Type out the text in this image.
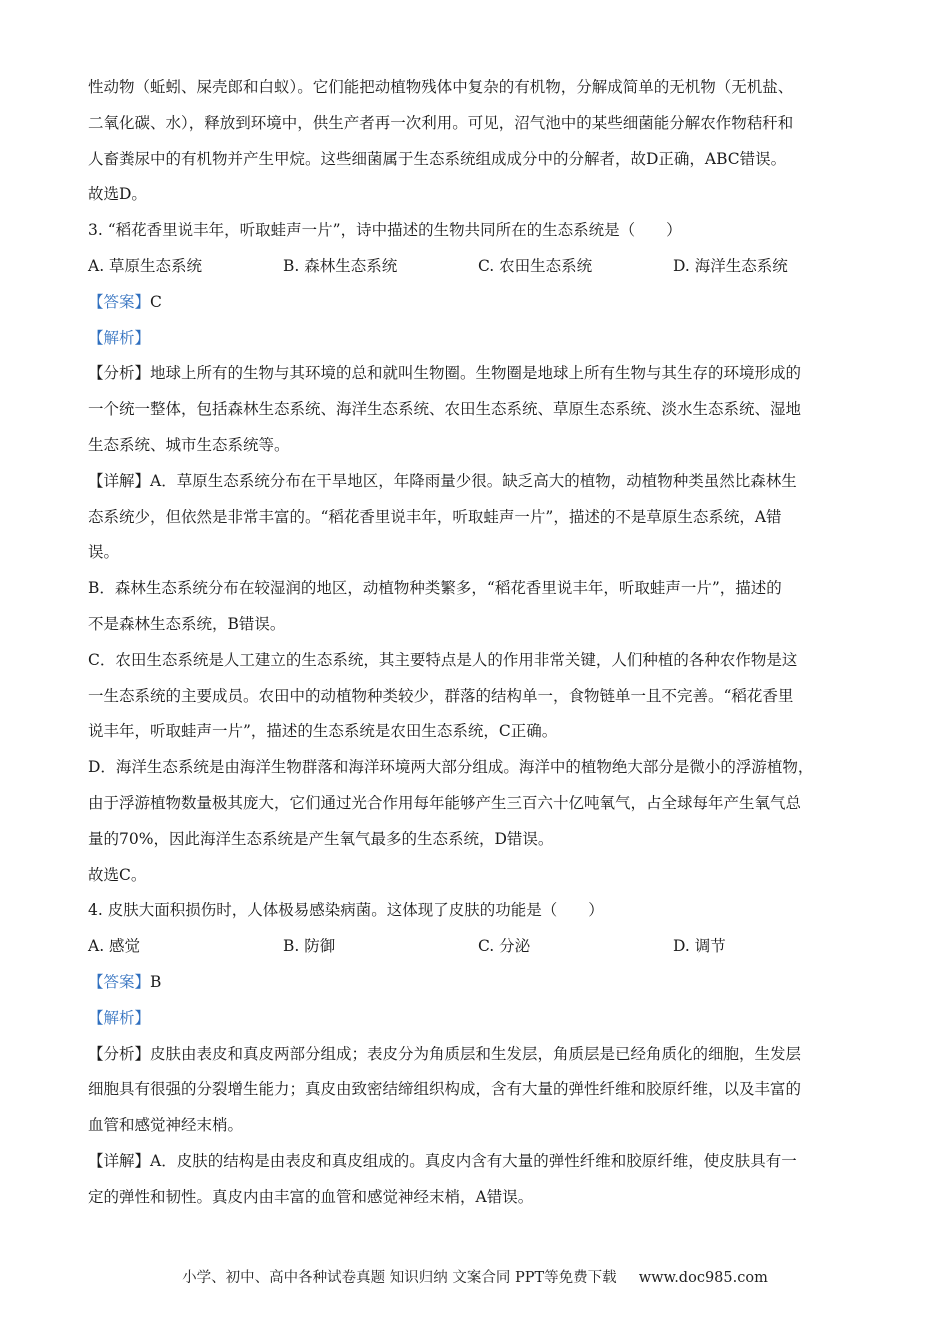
性动物（蚯蚓、屎壳郎和白蚁）。它们能把动植物残体中复杂的有机物，分解成简单的无机物（无机盐、
二氧化碳、水），释放到环境中，供生产者再一次利用。可见，沼气池中的某些细菌能分解农作物秸秆和
人畜粪尿中的有机物并产生甲烷。这些细菌属于生态系统组成成分中的分解者，故D正确，ABC错误。
故选D。
3. “稻花香里说丰年，听取蛙声一片”，诗中描述的生物共同所在的生态系统是（　　）
A. 草原生态系统	B. 森林生态系统	C. 农田生态系统	D. 海洋生态系统
【答案】C
【解析】
【分析】地球上所有的生物与其环境的总和就叫生物圈。生物圈是地球上所有生物与其生存的环境形成的
一个统一整体，包括森林生态系统、海洋生态系统、农田生态系统、草原生态系统、淡水生态系统、湿地
生态系统、城市生态系统等。
【详解】A．草原生态系统分布在干旱地区，年降雨量少很。缺乏高大的植物，动植物种类虽然比森林生
态系统少，但依然是非常丰富的。“稻花香里说丰年，听取蛙声一片”，描述的不是草原生态系统，A错
误。
B．森林生态系统分布在较湿润的地区，动植物种类繁多，“稻花香里说丰年，听取蛙声一片”，描述的
不是森林生态系统，B错误。
C．农田生态系统是人工建立的生态系统，其主要特点是人的作用非常关键，人们种植的各种农作物是这
一生态系统的主要成员。农田中的动植物种类较少，群落的结构单一，食物链单一且不完善。“稻花香里
说丰年，听取蛙声一片”，描述的生态系统是农田生态系统，C正确。
D．海洋生态系统是由海洋生物群落和海洋环境两大部分组成。海洋中的植物绝大部分是微小的浮游植物，
由于浮游植物数量极其庞大，它们通过光合作用每年能够产生三百六十亿吨氧气，占全球每年产生氧气总
量的70%，因此海洋生态系统是产生氧气最多的生态系统，D错误。
故选C。
4. 皮肤大面积损伤时，人体极易感染病菌。这体现了皮肤的功能是（　　）
A. 感觉	B. 防御	C. 分泌	D. 调节
【答案】B
【解析】
【分析】皮肤由表皮和真皮两部分组成；表皮分为角质层和生发层，角质层是已经角质化的细胞，生发层
细胞具有很强的分裂增生能力；真皮由致密结缔组织构成，含有大量的弹性纤维和胶原纤维，以及丰富的
血管和感觉神经末梢。
【详解】A．皮肤的结构是由表皮和真皮组成的。真皮内含有大量的弹性纤维和胶原纤维，使皮肤具有一
定的弹性和韧性。真皮内由丰富的血管和感觉神经末梢，A错误。
小学、初中、高中各种试卷真题 知识归纳 文案合同 PPT等免费下载 www.doc985.com
